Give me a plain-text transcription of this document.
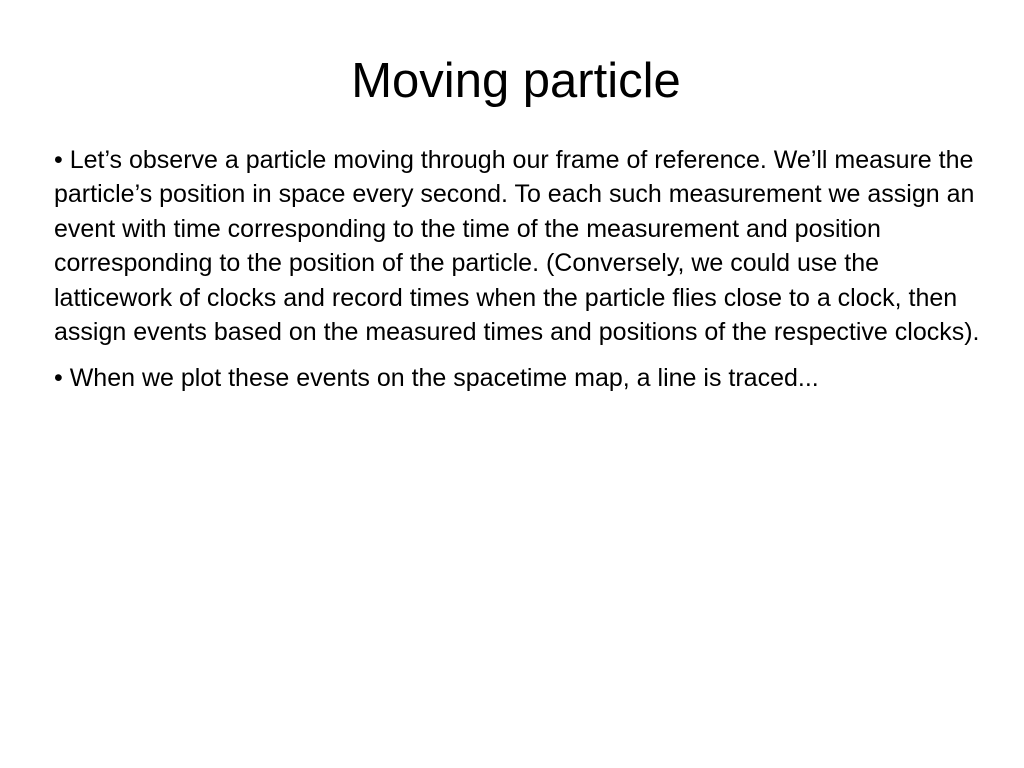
Moving particle

• Let’s observe a particle moving through our frame of reference. We’ll measure the particle’s position in space every second. To each such measurement we assign an event with time corresponding to the time of the measurement and position corresponding to the position of the particle. (Conversely, we could use the latticework of clocks and record times when the particle flies close to a clock, then assign events based on the measured times and positions of the respective clocks).

• When we plot these events on the spacetime map, a line is traced...
